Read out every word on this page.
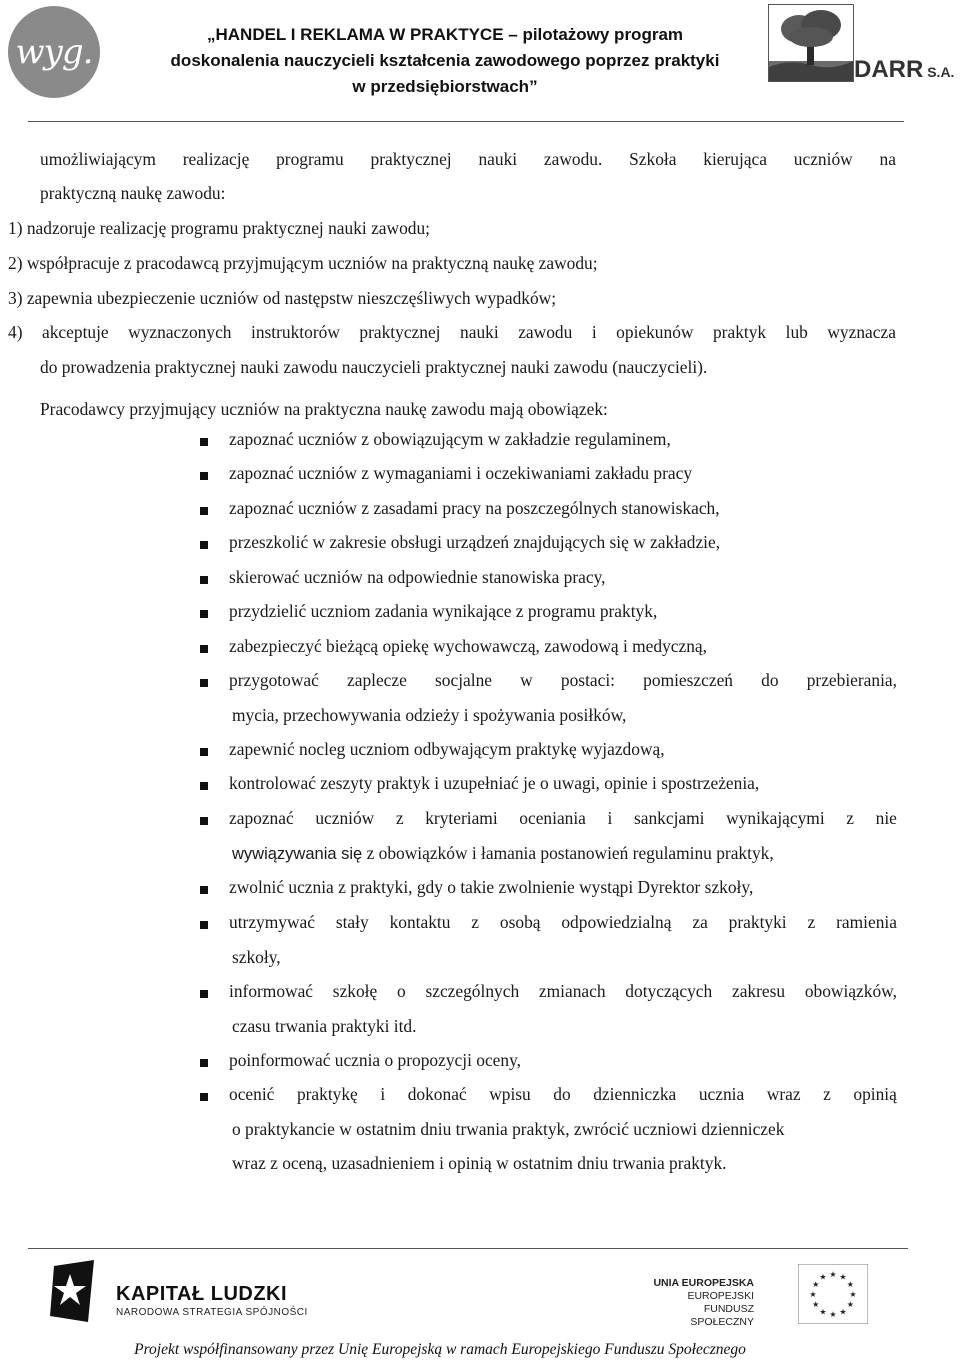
wyg.	„HANDEL I REKLAMA W PRAKTYCE – pilotażowy program
doskonalenia nauczycieli kształcenia zawodowego poprzez praktyki
w przedsiębiorstwach”
DARR S.A.
umożliwiającym realizację programu praktycznej nauki zawodu. Szkoła kierująca uczniów na
praktyczną naukę zawodu:
1) nadzoruje realizację programu praktycznej nauki zawodu;
2) współpracuje z pracodawcą przyjmującym uczniów na praktyczną naukę zawodu;
3) zapewnia ubezpieczenie uczniów od następstw nieszczęśliwych wypadków;
4) akceptuje wyznaczonych instruktorów praktycznej nauki zawodu i opiekunów praktyk lub wyznacza
do prowadzenia praktycznej nauki zawodu nauczycieli praktycznej nauki zawodu (nauczycieli).
Pracodawcy przyjmujący uczniów na praktyczna naukę zawodu mają obowiązek:
zapoznać uczniów z obowiązującym w zakładzie regulaminem,
zapoznać uczniów z wymaganiami i oczekiwaniami zakładu pracy
zapoznać uczniów z zasadami pracy na poszczególnych stanowiskach,
przeszkolić w zakresie obsługi urządzeń znajdujących się w zakładzie,
skierować uczniów na odpowiednie stanowiska pracy,
przydzielić uczniom zadania wynikające z programu praktyk,
zabezpieczyć bieżącą opiekę wychowawczą, zawodową i medyczną,
przygotować zaplecze socjalne w postaci: pomieszczeń do przebierania,
mycia, przechowywania odzieży i spożywania posiłków,
zapewnić nocleg uczniom odbywającym praktykę wyjazdową,
kontrolować zeszyty praktyk i uzupełniać je o uwagi, opinie i spostrzeżenia,
zapoznać uczniów z kryteriami oceniania i sankcjami wynikającymi z nie
wywiązywania się z obowiązków i łamania postanowień regulaminu praktyk,
zwolnić ucznia z praktyki, gdy o takie zwolnienie wystąpi Dyrektor szkoły,
utrzymywać stały kontaktu z osobą odpowiedzialną za praktyki z ramienia
szkoły,
informować szkołę o szczególnych zmianach dotyczących zakresu obowiązków,
czasu trwania praktyki itd.
poinformować ucznia o propozycji oceny,
ocenić praktykę i dokonać wpisu do dzienniczka ucznia wraz z opinią
o praktykancie w ostatnim dniu trwania praktyk, zwrócić uczniowi dzienniczek
wraz z oceną, uzasadnieniem i opinią w ostatnim dniu trwania praktyk.
KAPITAŁ LUDZKI
NARODOWA STRATEGIA SPÓJNOŚCI
UNIA EUROPEJSKA
EUROPEJSKI
FUNDUSZ SPOŁECZNY
★
★
★
★
★
★
★
★
★ ★ ★
★
Projekt współfinansowany przez Unię Europejską w ramach Europejskiego Funduszu Społecznego
